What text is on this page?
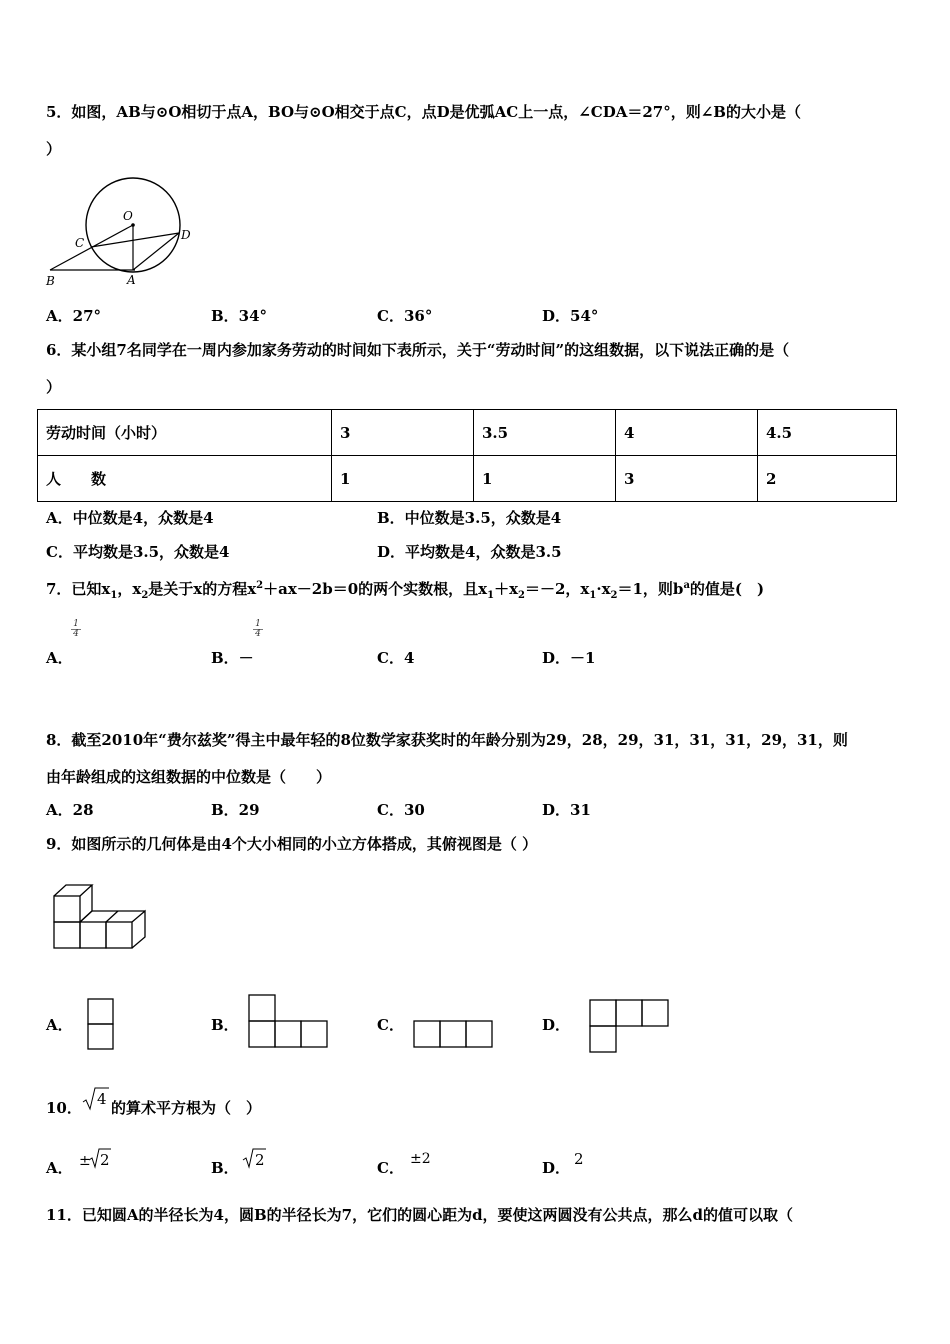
5．如图，AB与⊙O相切于点A，BO与⊙O相交于点C，点D是优弧AC上一点，∠CDA＝27°，则∠B的大小是（
）
O
C
D
B	A
A．27°	B．34°	C．36°	D．54°
6．某小组7名同学在一周内参加家务劳动的时间如下表所示，关于“劳动时间”的这组数据，以下说法正确的是（
）
劳动时间（小时）	3	3.5	4	4.5
人　　数	1	1	3	2
A．中位数是4，众数是4	B．中位数是3.5，众数是4
C．平均数是3.5，众数是4	D．平均数是4，众数是3.5
7．已知$x_1$，$x_2$是关于x的方程$x^2+ax-2b=0$的两个实数根，且$x_1+x_2=-2$，$x_1\cdot x_2=1$，则$b^a$的值是(　)
$\frac{1}{4}$	$\frac{1}{4}$
A．	B．－	C．4	D．－1
8．截至2010年“费尔兹奖”得主中最年轻的8位数学家获奖时的年龄分别为29，28，29，31，31，31，29，31，则
由年龄组成的这组数据的中位数是（　　）
A．28	B．29	C．30	D．31
9．如图所示的几何体是由4个大小相同的小立方体搭成，其俯视图是（ ）
A．	B．	C．	D．
10． 4 的算术平方根为（　）
A． ± 2	B． 2	C． ±2	D． 2
11．已知圆A的半径长为4，圆B的半径长为7，它们的圆心距为d，要使这两圆没有公共点，那么d的值可以取（
